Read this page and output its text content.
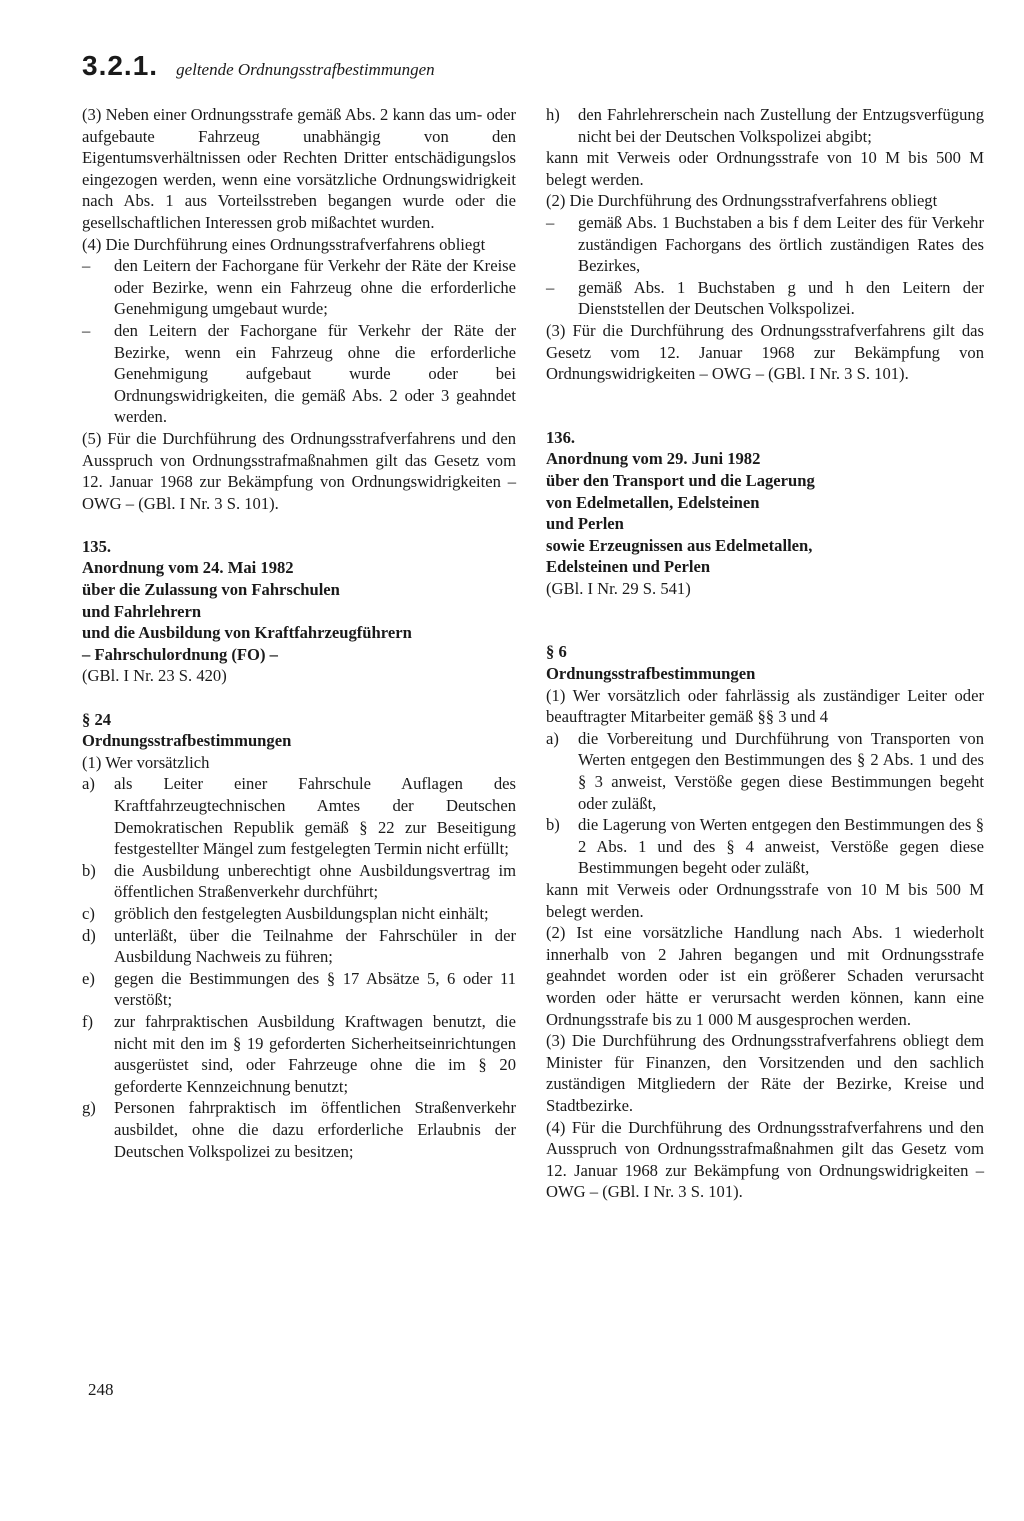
3.2.1. geltende Ordnungsstrafbestimmungen

(3) Neben einer Ordnungsstrafe gemäß Abs. 2 kann das um- oder aufgebaute Fahrzeug unabhängig von den Eigentumsverhältnissen oder Rechten Dritter entschädigungslos eingezogen werden, wenn eine vorsätzliche Ordnungswidrigkeit nach Abs. 1 aus Vorteilsstreben begangen wurde oder die gesellschaftlichen Interessen grob mißachtet wurden.

(4) Die Durchführung eines Ordnungsstrafverfahrens obliegt

–	den Leitern der Fachorgane für Verkehr der Räte der Kreise oder Bezirke, wenn ein Fahrzeug ohne die erforderliche Genehmigung umgebaut wurde;
–	den Leitern der Fachorgane für Verkehr der Räte der Bezirke, wenn ein Fahrzeug ohne die erforderliche Genehmigung aufgebaut wurde oder bei Ordnungswidrigkeiten, die gemäß Abs. 2 oder 3 geahndet werden.

(5) Für die Durchführung des Ordnungsstrafverfahrens und den Ausspruch von Ordnungsstrafmaßnahmen gilt das Gesetz vom 12. Januar 1968 zur Bekämpfung von Ordnungswidrigkeiten – OWG – (GBl. I Nr. 3 S. 101).

135.
Anordnung vom 24. Mai 1982
über die Zulassung von Fahrschulen
und Fahrlehrern
und die Ausbildung von Kraftfahrzeugführern
– Fahrschulordnung (FO) –
(GBl. I Nr. 23 S. 420)
§ 24
Ordnungsstrafbestimmungen

(1) Wer vorsätzlich

a)	als Leiter einer Fahrschule Auflagen des Kraftfahrzeugtechnischen Amtes der Deutschen Demokratischen Republik gemäß § 22 zur Beseitigung festgestellter Mängel zum festgelegten Termin nicht erfüllt;
b)	die Ausbildung unberechtigt ohne Ausbildungsvertrag im öffentlichen Straßenverkehr durchführt;
c)	gröblich den festgelegten Ausbildungsplan nicht einhält;
d)	unterläßt, über die Teilnahme der Fahrschüler in der Ausbildung Nachweis zu führen;
e)	gegen die Bestimmungen des § 17 Absätze 5, 6 oder 11 verstößt;
f)	zur fahrpraktischen Ausbildung Kraftwagen benutzt, die nicht mit den im § 19 geforderten Sicherheitseinrichtungen ausgerüstet sind, oder Fahrzeuge ohne die im § 20 geforderte Kennzeichnung benutzt;
g)	Personen fahrpraktisch im öffentlichen Straßenverkehr ausbildet, ohne die dazu erforderliche Erlaubnis der Deutschen Volkspolizei zu besitzen;
h)	den Fahrlehrerschein nach Zustellung der Entzugsverfügung nicht bei der Deutschen Volkspolizei abgibt;

kann mit Verweis oder Ordnungsstrafe von 10 M bis 500 M belegt werden.

(2) Die Durchführung des Ordnungsstrafverfahrens obliegt

–	gemäß Abs. 1 Buchstaben a bis f dem Leiter des für Verkehr zuständigen Fachorgans des örtlich zuständigen Rates des Bezirkes,
–	gemäß Abs. 1 Buchstaben g und h den Leitern der Dienststellen der Deutschen Volkspolizei.

(3) Für die Durchführung des Ordnungsstrafverfahrens gilt das Gesetz vom 12. Januar 1968 zur Bekämpfung von Ordnungswidrigkeiten – OWG – (GBl. I Nr. 3 S. 101).

136.
Anordnung vom 29. Juni 1982
über den Transport und die Lagerung
von Edelmetallen, Edelsteinen
und Perlen
sowie Erzeugnissen aus Edelmetallen,
Edelsteinen und Perlen
(GBl. I Nr. 29 S. 541)
§ 6
Ordnungsstrafbestimmungen

(1) Wer vorsätzlich oder fahrlässig als zuständiger Leiter oder beauftragter Mitarbeiter gemäß §§ 3 und 4

a)	die Vorbereitung und Durchführung von Transporten von Werten entgegen den Bestimmungen des § 2 Abs. 1 und des § 3 anweist, Verstöße gegen diese Bestimmungen begeht oder zuläßt,
b)	die Lagerung von Werten entgegen den Bestimmungen des § 2 Abs. 1 und des § 4 anweist, Verstöße gegen diese Bestimmungen begeht oder zuläßt,

kann mit Verweis oder Ordnungsstrafe von 10 M bis 500 M belegt werden.

(2) Ist eine vorsätzliche Handlung nach Abs. 1 wiederholt innerhalb von 2 Jahren begangen und mit Ordnungsstrafe geahndet worden oder ist ein größerer Schaden verursacht worden oder hätte er verursacht werden können, kann eine Ordnungsstrafe bis zu 1 000 M ausgesprochen werden.

(3) Die Durchführung des Ordnungsstrafverfahrens obliegt dem Minister für Finanzen, den Vorsitzenden und den sachlich zuständigen Mitgliedern der Räte der Bezirke, Kreise und Stadtbezirke.

(4) Für die Durchführung des Ordnungsstrafverfahrens und den Ausspruch von Ordnungsstrafmaßnahmen gilt das Gesetz vom 12. Januar 1968 zur Bekämpfung von Ordnungswidrigkeiten – OWG – (GBl. I Nr. 3 S. 101).

248
